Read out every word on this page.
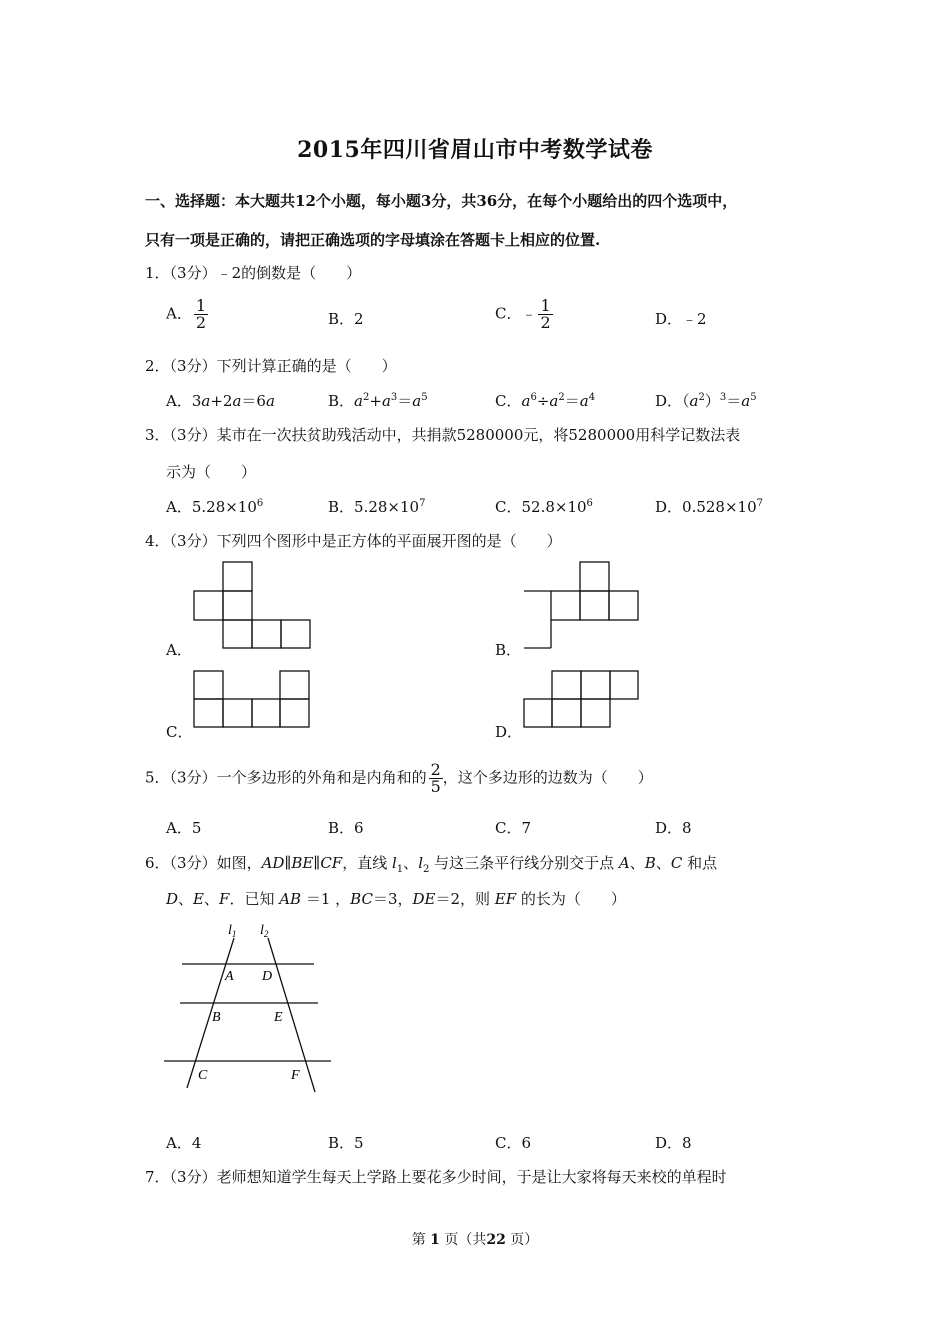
2015年四川省眉山市中考数学试卷
一、选择题：本大题共12个小题，每小题3分，共36分，在每个小题给出的四个选项中，
只有一项是正确的，请把正确选项的字母填涂在答题卡上相应的位置.
1．（3分）﹣2的倒数是（　　）
A． $\frac{1}{2}$	B．2	C．﹣ $\frac{1}{2}$	D．﹣2
2．（3分）下列计算正确的是（　　）
A．3a+2a＝6a	B．$a^2+a^3=a^5$	C．$a^6\div a^2=a^4$	D．$(a^2)^3=a^5$
3．（3分）某市在一次扶贫助残活动中，共捐款5280000元，将5280000用科学记数法表
示为（　　）
A．$5.28\times 10^6$	B．$5.28\times 10^7$	C．$52.8\times 10^6$	D．$0.528\times 10^7$
4．（3分）下列四个图形中是正方体的平面展开图的是（　　）
A．	B．
C．	D．
5．（3分）一个多边形的外角和是内角和的 $\frac{2}{5}$ ，这个多边形的边数为（　　）
A．5	B．6	C．7	D．8
6．（3分）如图，AD∥BE∥CF，直线 $l_1$、$l_2$ 与这三条平行线分别交于点 A、B、C 和点
D、E、F．已知 AB ＝1 ，BC＝3，DE＝2，则 EF 的长为（　　）
$l_1$ $l_2$
A
B
C
D
E
F
A．4	B．5	C．6	D．8
7．（3分）老师想知道学生每天上学路上要花多少时间，于是让大家将每天来校的单程时
第 1 页（共22 页）
